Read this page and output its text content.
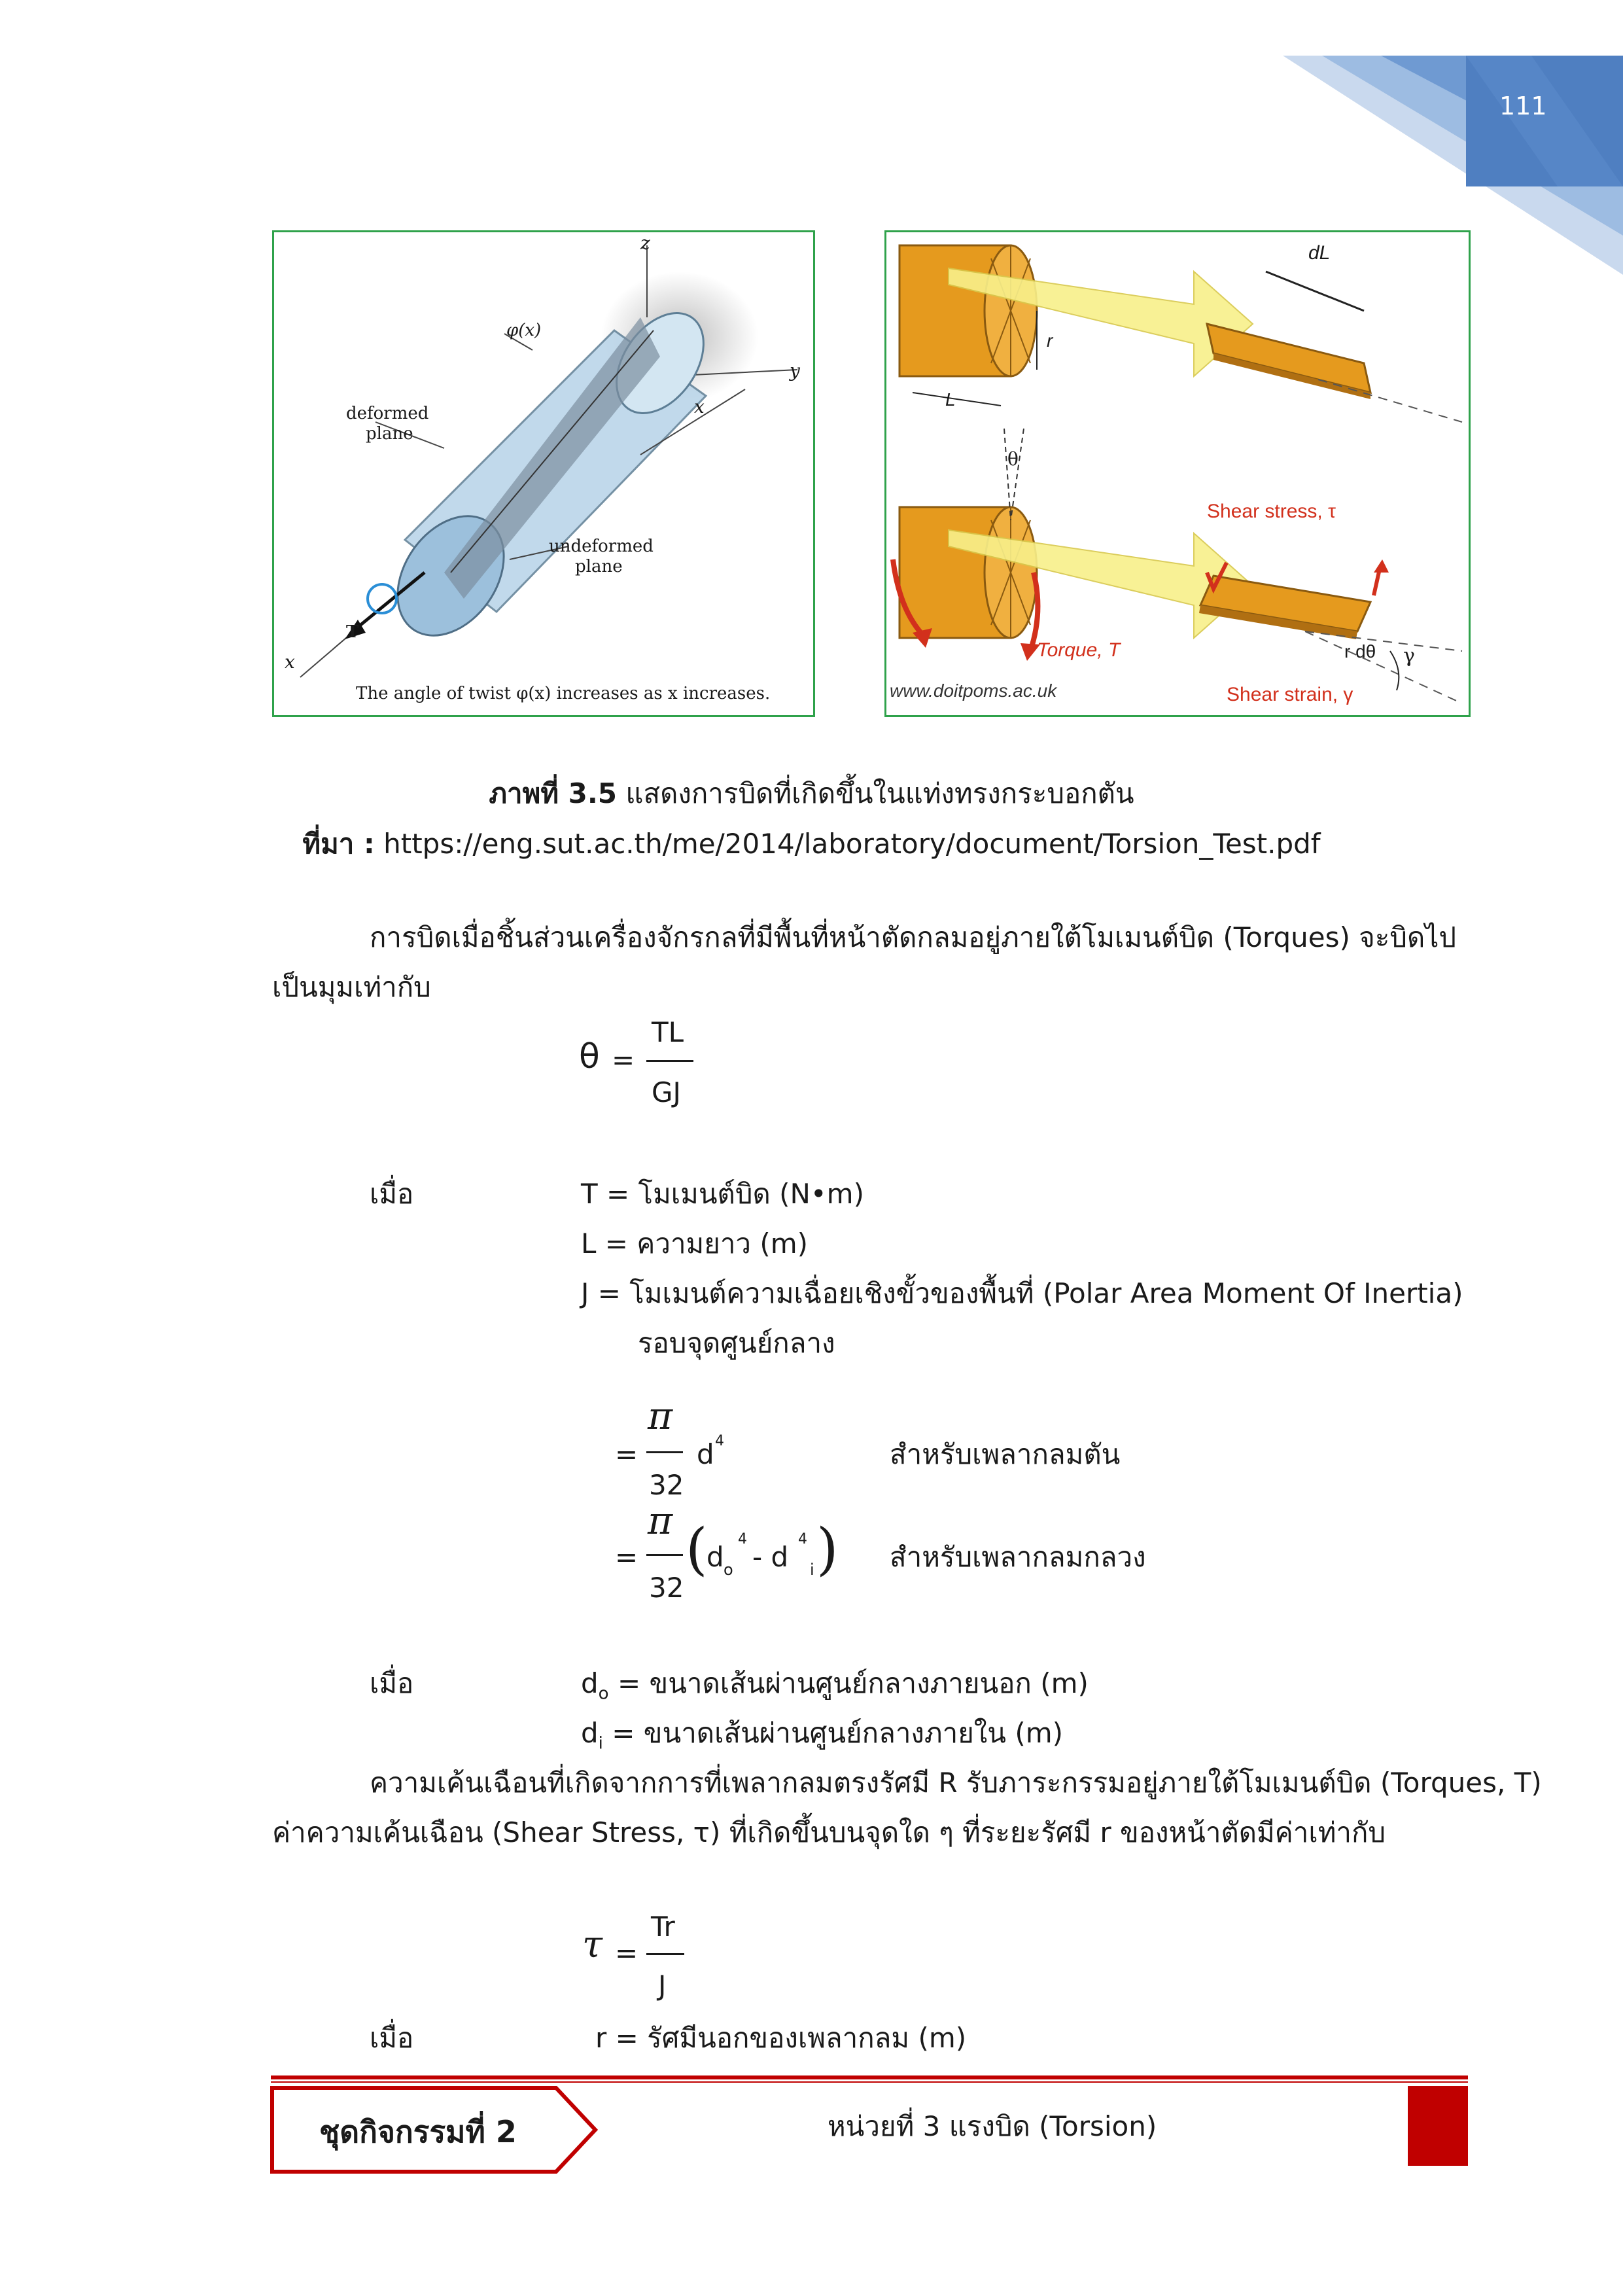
111
z
y
x
x
φ(x)
deformed
plane
undeformed
plane
T
The angle of twist φ(x) increases as x increases.
dL
r
L
θ
Shear stress, τ
Torque, T	r dθ γ
Shear strain, γ
www.doitpoms.ac.uk
ภาพที่ 3.5 แสดงการบิดที่เกิดขึ้นในแท่งทรงกระบอกตัน
ที่มา : https://eng.sut.ac.th/me/2014/laboratory/document/Torsion_Test.pdf
การบิดเมื่อชิ้นส่วนเครื่องจักรกลที่มีพื้นที่หน้าตัดกลมอยู่ภายใต้โมเมนต์บิด (Torques) จะบิดไป
เป็นมุมเท่ากับ
θ =
TL
GJ
เมื่อ	T = โมเมนต์บิด (N•m)
L = ความยาว (m)
J = โมเมนต์ความเฉื่อยเชิงขั้วของพื้นที่ (Polar Area Moment Of Inertia)
รอบจุดศูนย์กลาง
=
π
32
d 4	สำหรับเพลากลมตัน
=
π
32
(
d o
4
- d i
4 ) สำหรับเพลากลมกลวง
เมื่อ	$d_o$ = ขนาดเส้นผ่านศูนย์กลางภายนอก (m)
$d_i$ = ขนาดเส้นผ่านศูนย์กลางภายใน (m)
ความเค้นเฉือนที่เกิดจากการที่เพลากลมตรงรัศมี R รับภาระกรรมอยู่ภายใต้โมเมนต์บิด (Torques, T)
ค่าความเค้นเฉือน (Shear Stress, τ) ที่เกิดขึ้นบนจุดใด ๆ ที่ระยะรัศมี r ของหน้าตัดมีค่าเท่ากับ
τ =
Tr
J
เมื่อ	r = รัศมีนอกของเพลากลม (m)
ชุดกิจกรรมที่ 2	หน่วยที่ 3 แรงบิด (Torsion)
